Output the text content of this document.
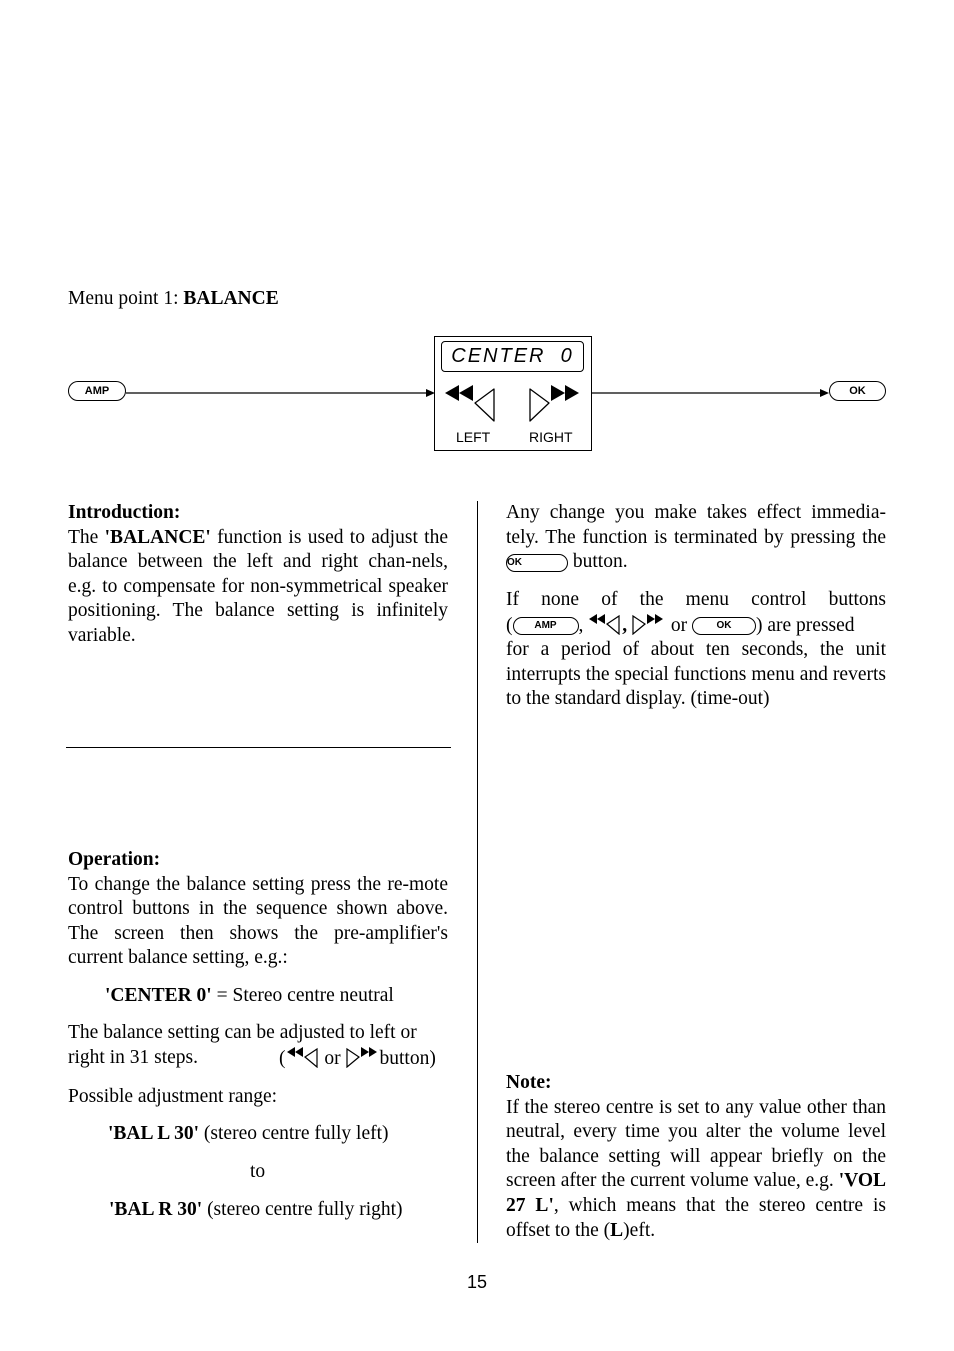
Menu point 1: BALANCE
AMP
CENTER  0
LEFT	RIGHT
OK

Introduction:

The 'BALANCE' function is used to adjust the balance between the left and right chan-nels, e.g. to compensate for non-symmetrical speaker positioning. The balance setting is infinitely variable.

Operation:

To change the balance setting press the re-mote control buttons in the sequence shown above. The screen then shows the pre-amplifier's current balance setting, e.g.:

'CENTER 0' = Stereo centre neutral

The balance setting can be adjusted to left or

right in 31 steps.	( or button)
Possible adjustment range:
'BAL L 30' (stereo centre fully left)
to
'BAL R 30' (stereo centre fully right)

Any change you make takes effect immedia-tely. The function is terminated by pressing the OK button.

If none of the menu control buttons

( AMP , ,  or OK ) are pressed

for a period of about ten seconds, the unit interrupts the special functions menu and reverts to the standard display. (time-out)

Note:

If the stereo centre is set to any value other than neutral, every time you alter the volume level the balance setting will appear briefly on the screen after the current volume value, e.g. 'VOL 27 L', which means that the stereo centre is offset to the (L)eft.

15
